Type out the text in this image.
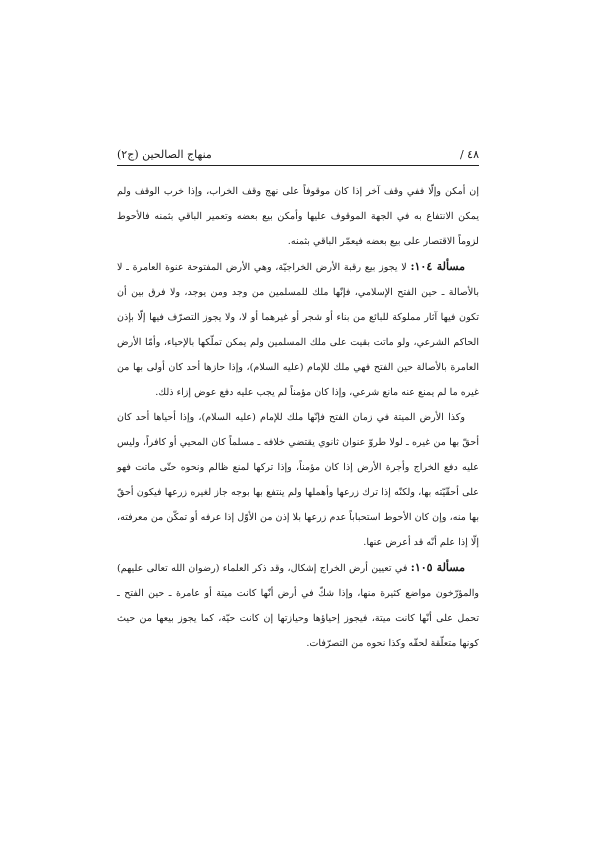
٤٨ /
منهاج الصالحين (ج٢)

إن أمكن وإلّا ففي وقف آخر إذا كان موقوفاً على نهج وقف الخراب، وإذا خرب الوقف ولم يمكن الانتفاع به في الجهة الموقوف عليها وأمكن بيع بعضه وتعمير الباقي بثمنه فالأحوط لزوماً الاقتصار على بيع بعضه فيعمّر الباقي بثمنه.

مسألة ١٠٤: لا يجوز بيع رقبة الأرض الخراجيّة، وهي الأرض المفتوحة عنوة العامرة ـ لا بالأصالة ـ حين الفتح الإسلامي، فإنّها ملك للمسلمين من وجد ومن يوجد، ولا فرق بين أن تكون فيها آثار مملوكة للبائع من بناء أو شجر أو غيرهما أو لا، ولا يجوز التصرّف فيها إلّا بإذن الحاكم الشرعي، ولو ماتت بقيت على ملك المسلمين ولم يمكن تملّكها بالإحياء، وأمّا الأرض العامرة بالأصالة حين الفتح فهي ملك للإمام (عليه السلام)، وإذا حازها أحد كان أولى بها من غيره ما لم يمنع عنه مانع شرعي، وإذا كان مؤمناً لم يجب عليه دفع عوض إزاء ذلك.

وكذا الأرض الميتة في زمان الفتح فإنّها ملك للإمام (عليه السلام)، وإذا أحياها أحد كان أحقّ بها من غيره ـ لولا طروّ عنوان ثانوي يقتضي خلافه ـ مسلماً كان المحيي أو كافراً، وليس عليه دفع الخراج وأجرة الأرض إذا كان مؤمناً، وإذا تركها لمنع ظالم ونحوه حتّى ماتت فهو على أحقّيّته بها، ولكنّه إذا ترك زرعها وأهملها ولم ينتفع بها بوجه جاز لغيره زرعها فيكون أحقّ بها منه، وإن كان الأحوط استحباباً عدم زرعها بلا إذن من الأوّل إذا عرفه أو تمكّن من معرفته، إلّا إذا علم أنّه قد أعرض عنها.

مسألة ١٠٥: في تعيين أرض الخراج إشكال، وقد ذكر العلماء (رضوان الله تعالى عليهم) والمؤرّخون مواضع كثيرة منها، وإذا شكّ في أرض أنّها كانت ميتة أو عامرة ـ حين الفتح ـ تحمل على أنّها كانت ميتة، فيجوز إحياؤها وحيازتها إن كانت حيّة، كما يجوز بيعها من حيث كونها متعلّقة لحقّه وكذا نحوه من التصرّفات.
